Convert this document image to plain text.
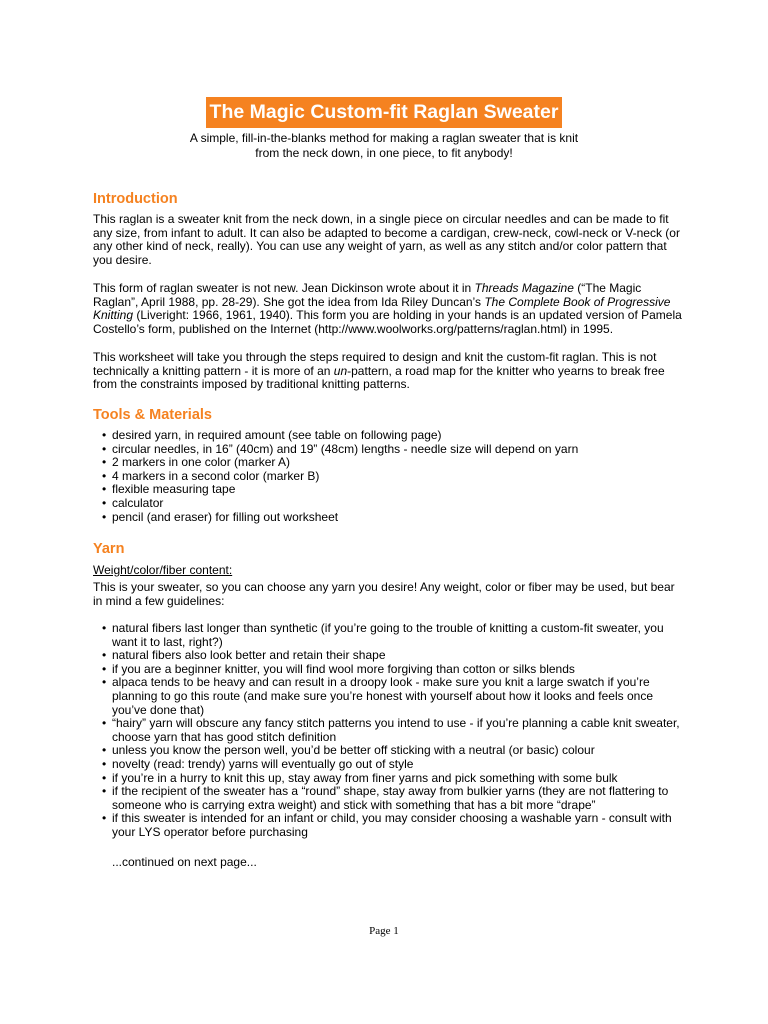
The Magic Custom-fit Raglan Sweater
A simple, fill-in-the-blanks method for making a raglan sweater that is knit
from the neck down, in one piece, to fit anybody!
Introduction

This raglan is a sweater knit from the neck down, in a single piece on circular needles and can be made to fit any size, from infant to adult. It can also be adapted to become a cardigan, crew-neck, cowl-neck or V-neck (or any other kind of neck, really). You can use any weight of yarn, as well as any stitch and/or color pattern that you desire.

This form of raglan sweater is not new. Jean Dickinson wrote about it in Threads Magazine (“The Magic Raglan”, April 1988, pp. 28-29). She got the idea from Ida Riley Duncan’s The Complete Book of Progressive Knitting (Liveright: 1966, 1961, 1940). This form you are holding in your hands is an updated version of Pamela Costello’s form, published on the Internet (http://www.woolworks.org/patterns/raglan.html) in 1995.

This worksheet will take you through the steps required to design and knit the custom-fit raglan. This is not technically a knitting pattern - it is more of an un-pattern, a road map for the knitter who yearns to break free from the constraints imposed by traditional knitting patterns.

Tools & Materials
• desired yarn, in required amount (see table on following page)
• circular needles, in 16” (40cm) and 19” (48cm) lengths - needle size will depend on yarn
• 2 markers in one color (marker A)
• 4 markers in a second color (marker B)
• flexible measuring tape
• calculator
• pencil (and eraser) for filling out worksheet
Yarn

Weight/color/fiber content:

This is your sweater, so you can choose any yarn you desire! Any weight, color or fiber may be used, but bear in mind a few guidelines:

• natural fibers last longer than synthetic (if you’re going to the trouble of knitting a custom-fit sweater, you want it to last, right?)
• natural fibers also look better and retain their shape
• if you are a beginner knitter, you will find wool more forgiving than cotton or silks blends
• alpaca tends to be heavy and can result in a droopy look - make sure you knit a large swatch if you’re planning to go this route (and make sure you’re honest with yourself about how it looks and feels once you’ve done that)
• “hairy” yarn will obscure any fancy stitch patterns you intend to use - if you’re planning a cable knit sweater, choose yarn that has good stitch definition
• unless you know the person well, you’d be better off sticking with a neutral (or basic) colour
• novelty (read: trendy) yarns will eventually go out of style
• if you’re in a hurry to knit this up, stay away from finer yarns and pick something with some bulk
• if the recipient of the sweater has a “round” shape, stay away from bulkier yarns (they are not flattering to someone who is carrying extra weight) and stick with something that has a bit more “drape”
• if this sweater is intended for an infant or child, you may consider choosing a washable yarn - consult with your LYS operator before purchasing
...continued on next page...
Page 1
